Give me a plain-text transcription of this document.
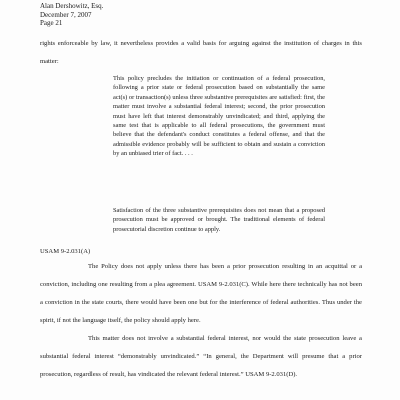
Alan Dershowitz, Esq.
December 7, 2007
Page 21
rights enforceable by law, it nevertheless provides a valid basis for arguing against the institution of charges in this matter:
This policy precludes the initiation or continuation of a federal prosecution, following a prior state or federal prosecution based on substantially the same act(s) or transaction(s) unless three substantive prerequisites are satisfied: first, the matter must involve a substantial federal interest; second, the prior prosecution must have left that interest demonstrably unvindicated; and third, applying the same test that is applicable to all federal prosecutions, the government must believe that the defendant's conduct constitutes a federal offense, and that the admissible evidence probably will be sufficient to obtain and sustain a conviction by an unbiased trier of fact. . . .
Satisfaction of the three substantive prerequisites does not mean that a proposed prosecution must be approved or brought. The traditional elements of federal prosecutorial discretion continue to apply.
USAM 9-2.031(A)
The Policy does not apply unless there has been a prior prosecution resulting in an acquittal or a conviction, including one resulting from a plea agreement. USAM 9-2.031(C). While here there technically has not been a conviction in the state courts, there would have been one but for the interference of federal authorities. Thus under the spirit, if not the language itself, the policy should apply here.
This matter does not involve a substantial federal interest, nor would the state prosecution leave a substantial federal interest “demonstrably unvindicated.” “In general, the Department will presume that a prior prosecution, regardless of result, has vindicated the relevant federal interest.” USAM 9-2.031(D).
